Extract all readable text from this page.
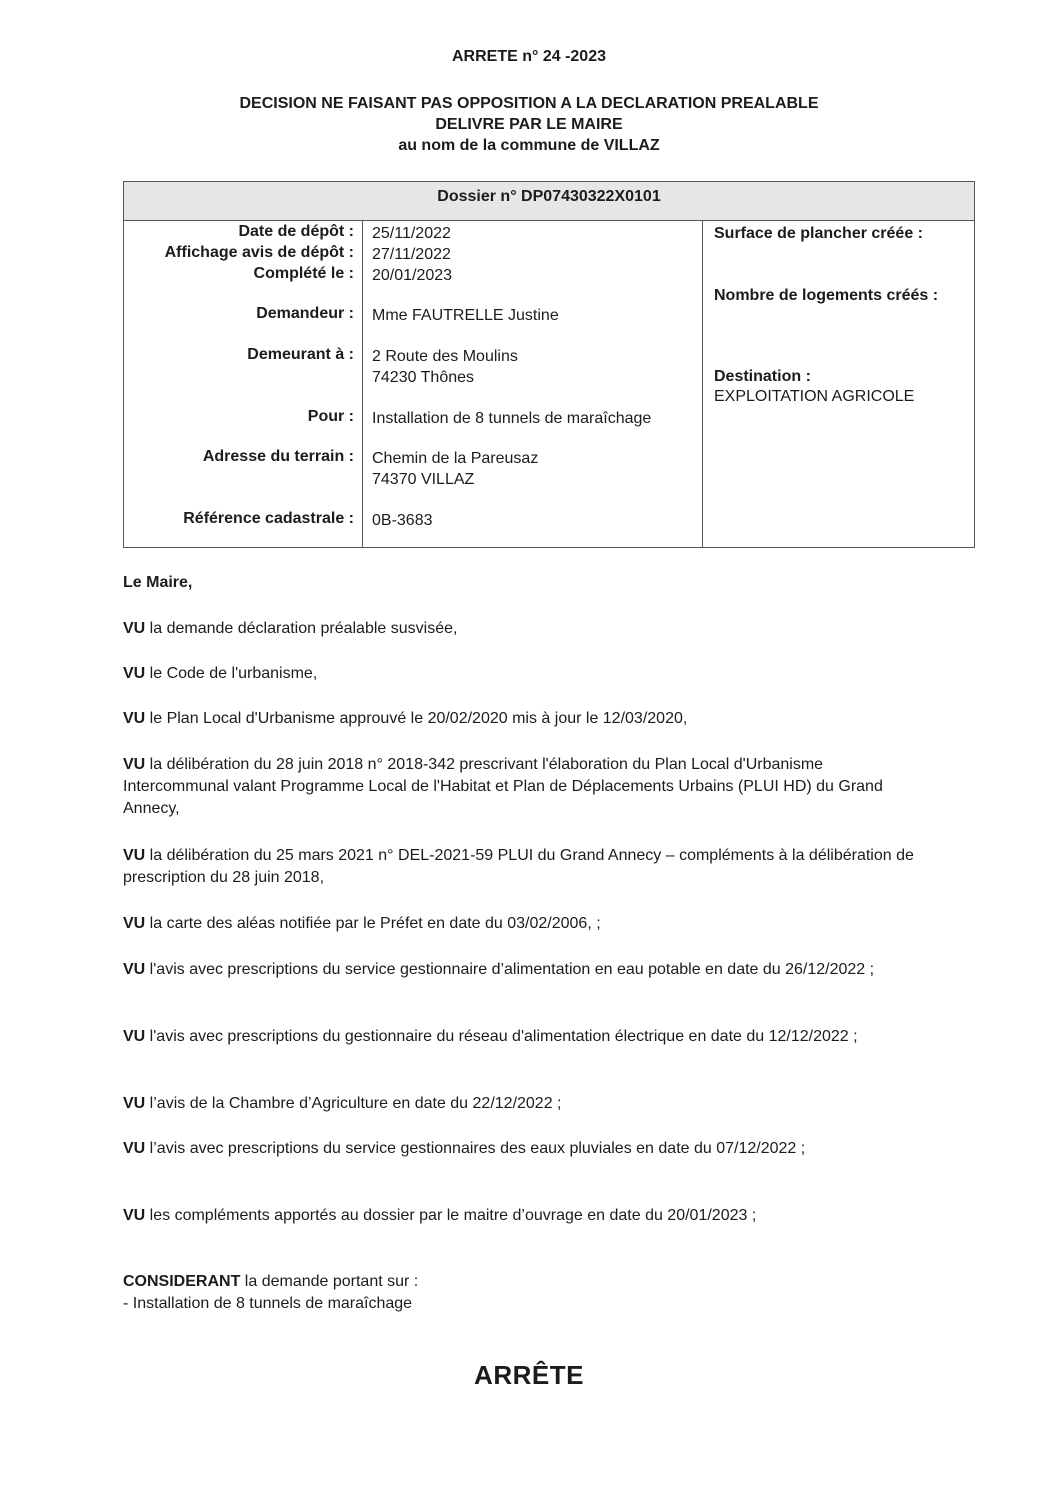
ARRETE n° 24 -2023
DECISION NE FAISANT PAS OPPOSITION A LA DECLARATION PREALABLE
DELIVRE PAR LE MAIRE
au nom de la commune de VILLAZ
Dossier n° DP07430322X0101
Date de dépôt : 25/11/2022
Affichage avis de dépôt : 27/11/2022
Complété le : 20/01/2023
Demandeur : Mme FAUTRELLE Justine
Demeurant à : 2 Route des Moulins
74230 Thônes
Pour : Installation de 8 tunnels de maraîchage
Adresse du terrain : Chemin de la Pareusaz
74370 VILLAZ
Référence cadastrale : 0B-3683
Surface de plancher créée :
Nombre de logements créés :
Destination :
EXPLOITATION AGRICOLE
Le Maire,
VU la demande déclaration préalable susvisée,
VU le Code de l'urbanisme,
VU le Plan Local d'Urbanisme approuvé le 20/02/2020 mis à jour le 12/03/2020,
VU la délibération du 28 juin 2018 n° 2018-342 prescrivant l'élaboration du Plan Local d'Urbanisme Intercommunal valant Programme Local de l'Habitat et Plan de Déplacements Urbains (PLUI HD) du Grand Annecy,
VU la délibération du 25 mars 2021 n° DEL-2021-59 PLUI du Grand Annecy – compléments à la délibération de prescription du 28 juin 2018,
VU la carte des aléas notifiée par le Préfet en date du 03/02/2006, ;
VU l'avis avec prescriptions du service gestionnaire d’alimentation en eau potable en date du 26/12/2022 ;
VU l'avis avec prescriptions du gestionnaire du réseau d'alimentation électrique en date du 12/12/2022 ;
VU l’avis de la Chambre d’Agriculture en date du 22/12/2022 ;
VU l’avis avec prescriptions du service gestionnaires des eaux pluviales en date du 07/12/2022 ;
VU les compléments apportés au dossier par le maitre d’ouvrage en date du 20/01/2023 ;
CONSIDERANT la demande portant sur :
- Installation de 8 tunnels de maraîchage
ARRÊTE
